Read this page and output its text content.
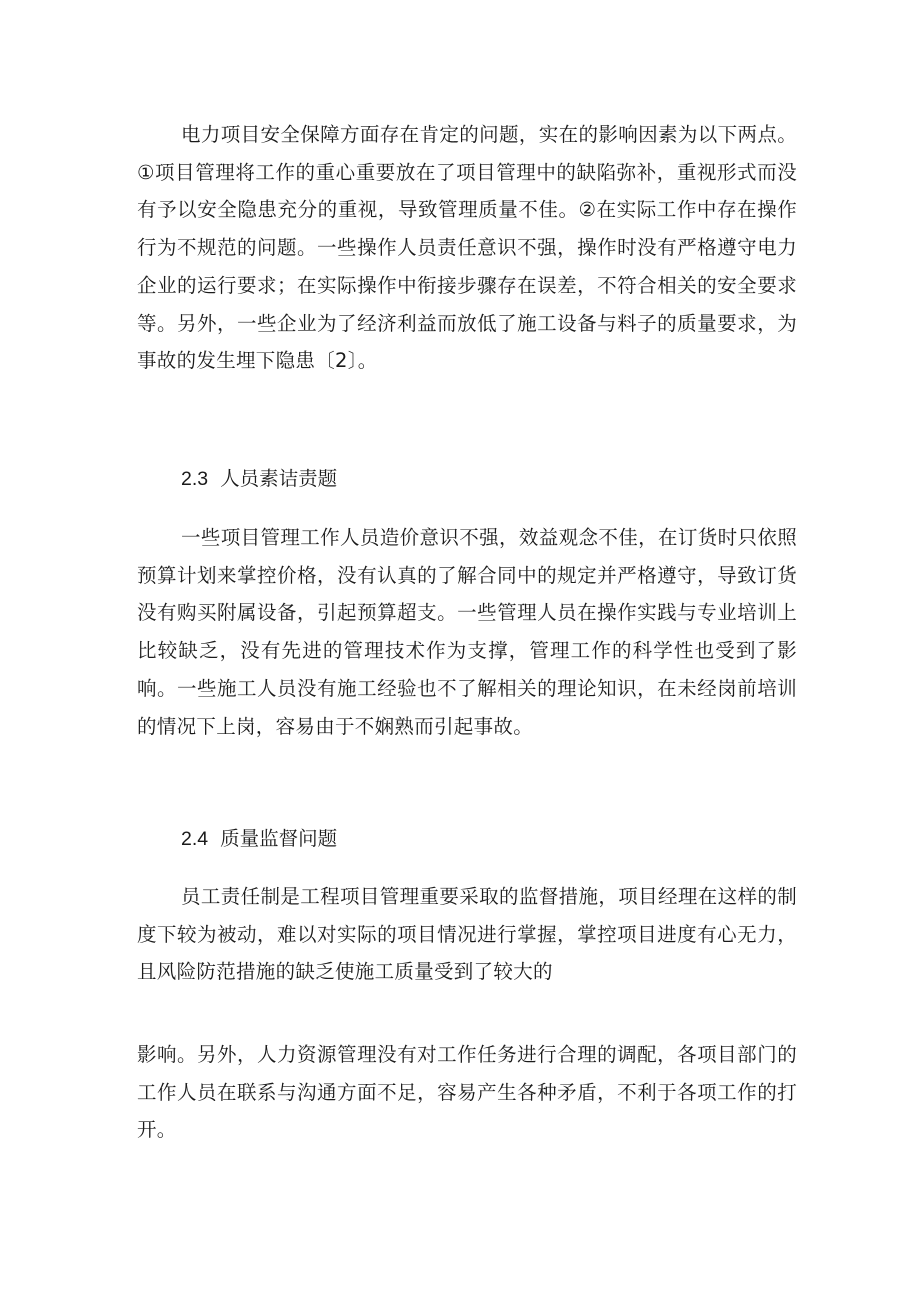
电力项目安全保障方面存在肯定的问题，实在的影响因素为以下两点。①项目管理将工作的重心重要放在了项目管理中的缺陷弥补，重视形式而没有予以安全隐患充分的重视，导致管理质量不佳。②在实际工作中存在操作行为不规范的问题。一些操作人员责任意识不强，操作时没有严格遵守电力企业的运行要求；在实际操作中衔接步骤存在误差，不符合相关的安全要求等。另外，一些企业为了经济利益而放低了施工设备与料子的质量要求，为事故的发生埋下隐患〔2〕。

2.3 人员素诘责题

一些项目管理工作人员造价意识不强，效益观念不佳，在订货时只依照预算计划来掌控价格，没有认真的了解合同中的规定并严格遵守，导致订货没有购买附属设备，引起预算超支。一些管理人员在操作实践与专业培训上比较缺乏，没有先进的管理技术作为支撑，管理工作的科学性也受到了影响。一些施工人员没有施工经验也不了解相关的理论知识，在未经岗前培训的情况下上岗，容易由于不娴熟而引起事故。

2.4 质量监督问题

员工责任制是工程项目管理重要采取的监督措施，项目经理在这样的制度下较为被动，难以对实际的项目情况进行掌握，掌控项目进度有心无力，且风险防范措施的缺乏使施工质量受到了较大的

影响。另外，人力资源管理没有对工作任务进行合理的调配，各项目部门的工作人员在联系与沟通方面不足，容易产生各种矛盾，不利于各项工作的打开。
